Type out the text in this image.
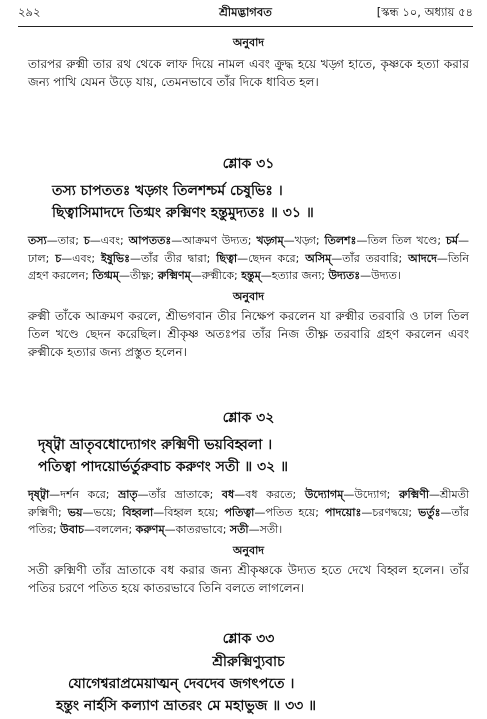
২৯২	শ্রীমদ্ভাগবত	[স্কন্ধ ১০, অধ্যায় ৫৪
অনুবাদ
তারপর রুক্মী তার রথ থেকে লাফ দিয়ে নামল এবং ক্রুদ্ধ হয়ে খড়্গ হাতে, কৃষ্ণকে হত্যা করার জন্য পাখি যেমন উড়ে যায়, তেমনভাবে তাঁর দিকে ধাবিত হল।
শ্লোক ৩১
তস্য চাপততঃ খড়্গং তিলশশ্চর্ম চেষুভিঃ ।
ছিত্বাসিমাদদে তিগ্মং রুক্মিণং হন্তুমুদ্যতঃ ॥ ৩১ ॥
তস্য—তার; চ—এবং; আপততঃ—আক্রমণ উদ্যত; খড়্গম্—খড়্গ; তিলশঃ—তিল তিল খণ্ডে; চর্ম—ঢাল; চ—এবং; ইষুভিঃ—তাঁর তীর দ্বারা; ছিত্বা—ছেদন করে; অসিম্—তাঁর তরবারি; আদদে—তিনি গ্রহণ করলেন; তিগ্মম্—তীক্ষ্ণ; রুক্মিণম্—রুক্মীকে; হন্তুম্—হত্যার জন্য; উদ্যতঃ—উদ্যত।
অনুবাদ
রুক্মী তাঁকে আক্রমণ করলে, শ্রীভগবান তীর নিক্ষেপ করলেন যা রুক্মীর তরবারি ও ঢাল তিল তিল খণ্ডে ছেদন করেছিল। শ্রীকৃষ্ণ অতঃপর তাঁর নিজ তীক্ষ্ণ তরবারি গ্রহণ করলেন এবং রুক্মীকে হত্যার জন্য প্রস্তুত হলেন।
শ্লোক ৩২
দৃষ্ট্বা ভ্রাতৃবধোদ্যোগং রুক্মিণী ভয়বিহ্বলা ।
পতিত্বা পাদয়োর্ভর্তুরুবাচ করুণং সতী ॥ ৩২ ॥
দৃষ্ট্বা—দর্শন করে; ভ্রাতৃ—তাঁর ভ্রাতাকে; বধ—বধ করতে; উদ্যোগম্—উদ্যোগ; রুক্মিণী—শ্রীমতী রুক্মিণী; ভয়—ভয়ে; বিহ্বলা—বিহ্বল হয়ে; পতিত্বা—পতিত হয়ে; পাদয়োঃ—চরণদ্বয়ে; ভর্তুঃ—তাঁর পতির; উবাচ—বললেন; করুণম্—কাতরভাবে; সতী—সতী।
অনুবাদ
সতী রুক্মিণী তাঁর ভ্রাতাকে বধ করার জন্য শ্রীকৃষ্ণকে উদ্যত হতে দেখে বিহ্বল হলেন। তাঁর পতির চরণে পতিত হয়ে কাতরভাবে তিনি বলতে লাগলেন।
শ্লোক ৩৩
শ্রীরুক্মিণ্যুবাচ
যোগেশ্বরাপ্রমেয়াত্মন্ দেবদেব জগৎপতে ।
হন্তুং নার্হসি কল্যাণ ভ্রাতরং মে মহাভুজ ॥ ৩৩ ॥
